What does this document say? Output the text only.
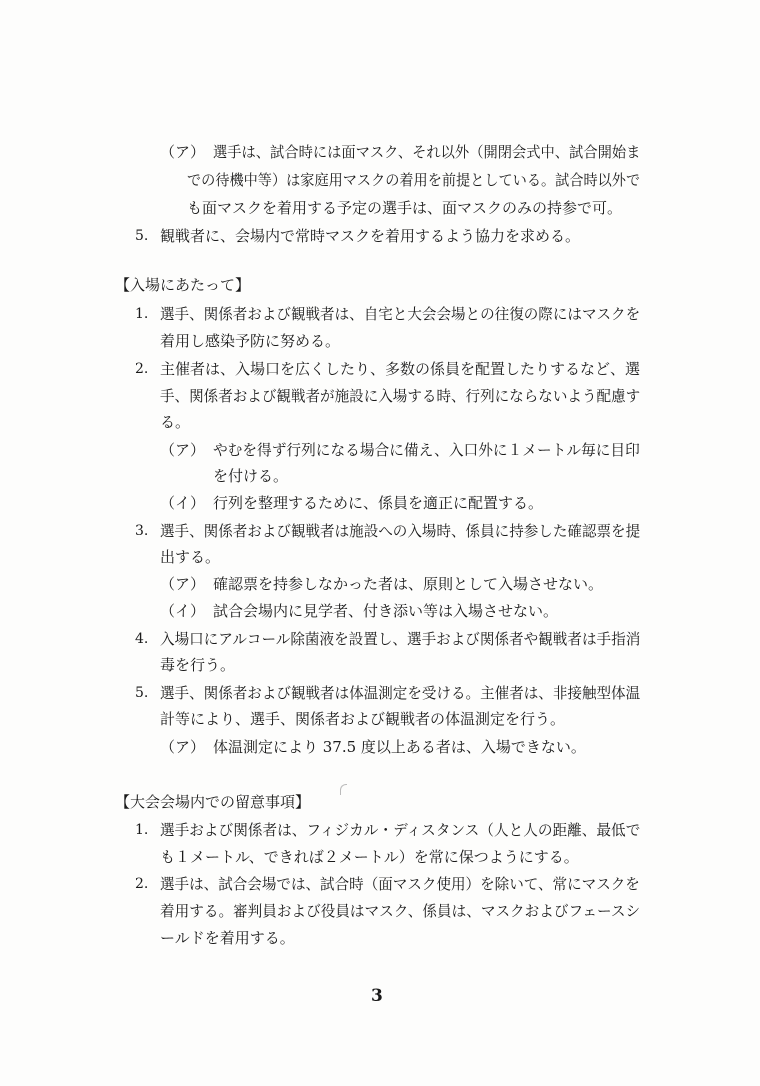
（ア） 選手は、試合時には面マスク、それ以外（開閉会式中、試合開始ま
での待機中等）は家庭用マスクの着用を前提としている。試合時以外で
も面マスクを着用する予定の選手は、面マスクのみの持参で可。
5. 観戦者に、会場内で常時マスクを着用するよう協力を求める。
【入場にあたって】
1. 選手、関係者および観戦者は、自宅と大会会場との往復の際にはマスクを
着用し感染予防に努める。
2. 主催者は、入場口を広くしたり、多数の係員を配置したりするなど、選
手、関係者および観戦者が施設に入場する時、行列にならないよう配慮す
る。
（ア） やむを得ず行列になる場合に備え、入口外に１メートル毎に目印
を付ける。
（イ） 行列を整理するために、係員を適正に配置する。
3. 選手、関係者および観戦者は施設への入場時、係員に持参した確認票を提
出する。
（ア） 確認票を持参しなかった者は、原則として入場させない。
（イ） 試合会場内に見学者、付き添い等は入場させない。
4. 入場口にアルコール除菌液を設置し、選手および関係者や観戦者は手指消
毒を行う。
5. 選手、関係者および観戦者は体温測定を受ける。主催者は、非接触型体温
計等により、選手、関係者および観戦者の体温測定を行う。
（ア） 体温測定により 37.5 度以上ある者は、入場できない。
【大会会場内での留意事項】
1. 選手および関係者は、フィジカル・ディスタンス（人と人の距離、最低で
も１メートル、できれば２メートル）を常に保つようにする。
2. 選手は、試合会場では、試合時（面マスク使用）を除いて、常にマスクを
着用する。審判員および役員はマスク、係員は、マスクおよびフェースシ
ールドを着用する。
3
